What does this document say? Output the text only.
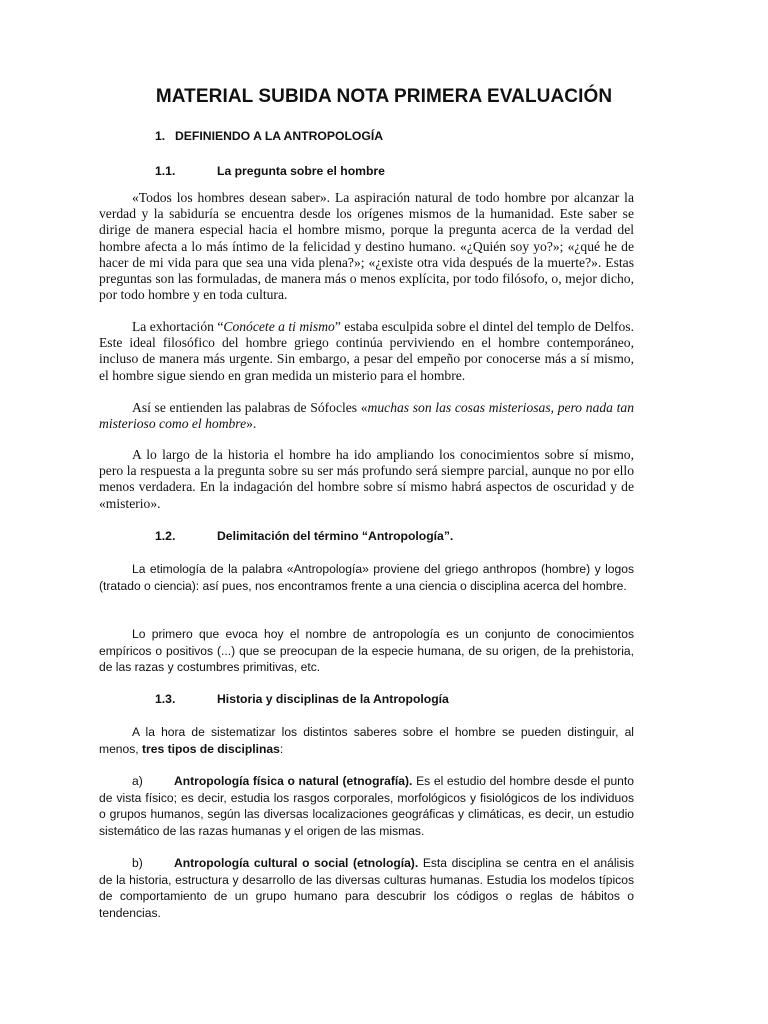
MATERIAL SUBIDA NOTA PRIMERA EVALUACIÓN
1. DEFINIENDO A LA ANTROPOLOGÍA
1.1.	La pregunta sobre el hombre

«Todos los hombres desean saber». La aspiración natural de todo hombre por alcanzar la verdad y la sabiduría se encuentra desde los orígenes mismos de la humanidad. Este saber se dirige de manera especial hacia el hombre mismo, porque la pregunta acerca de la verdad del hombre afecta a lo más íntimo de la felicidad y destino humano. «¿Quién soy yo?»; «¿qué he de hacer de mi vida para que sea una vida plena?»; «¿existe otra vida después de la muerte?». Estas preguntas son las formuladas, de manera más o menos explícita, por todo filósofo, o, mejor dicho, por todo hombre y en toda cultura.

La exhortación “Conócete a ti mismo” estaba esculpida sobre el dintel del templo de Delfos. Este ideal filosófico del hombre griego continúa perviviendo en el hombre contemporáneo, incluso de manera más urgente. Sin embargo, a pesar del empeño por conocerse más a sí mismo, el hombre sigue siendo en gran medida un misterio para el hombre.

Así se entienden las palabras de Sófocles «muchas son las cosas misteriosas, pero nada tan misterioso como el hombre».

A lo largo de la historia el hombre ha ido ampliando los conocimientos sobre sí mismo, pero la respuesta a la pregunta sobre su ser más profundo será siempre parcial, aunque no por ello menos verdadera. En la indagación del hombre sobre sí mismo habrá aspectos de oscuridad y de «misterio».

1.2.	Delimitación del término “Antropología”.

La etimología de la palabra «Antropología» proviene del griego anthropos (hombre) y logos (tratado o ciencia): así pues, nos encontramos frente a una ciencia o disciplina acerca del hombre.

Lo primero que evoca hoy el nombre de antropología es un conjunto de conocimientos empíricos o positivos (...) que se preocupan de la especie humana, de su origen, de la prehistoria, de las razas y costumbres primitivas, etc.

1.3.	Historia y disciplinas de la Antropología

A la hora de sistematizar los distintos saberes sobre el hombre se pueden distinguir, al menos, tres tipos de disciplinas:

a)	Antropología física o natural (etnografía). Es el estudio del hombre desde el punto de vista físico; es decir, estudia los rasgos corporales, morfológicos y fisiológicos de los individuos o grupos humanos, según las diversas localizaciones geográficas y climáticas, es decir, un estudio sistemático de las razas humanas y el origen de las mismas.

b)	Antropología cultural o social (etnología). Esta disciplina se centra en el análisis de la historia, estructura y desarrollo de las diversas culturas humanas. Estudia los modelos típicos de comportamiento de un grupo humano para descubrir los códigos o reglas de hábitos o tendencias.
